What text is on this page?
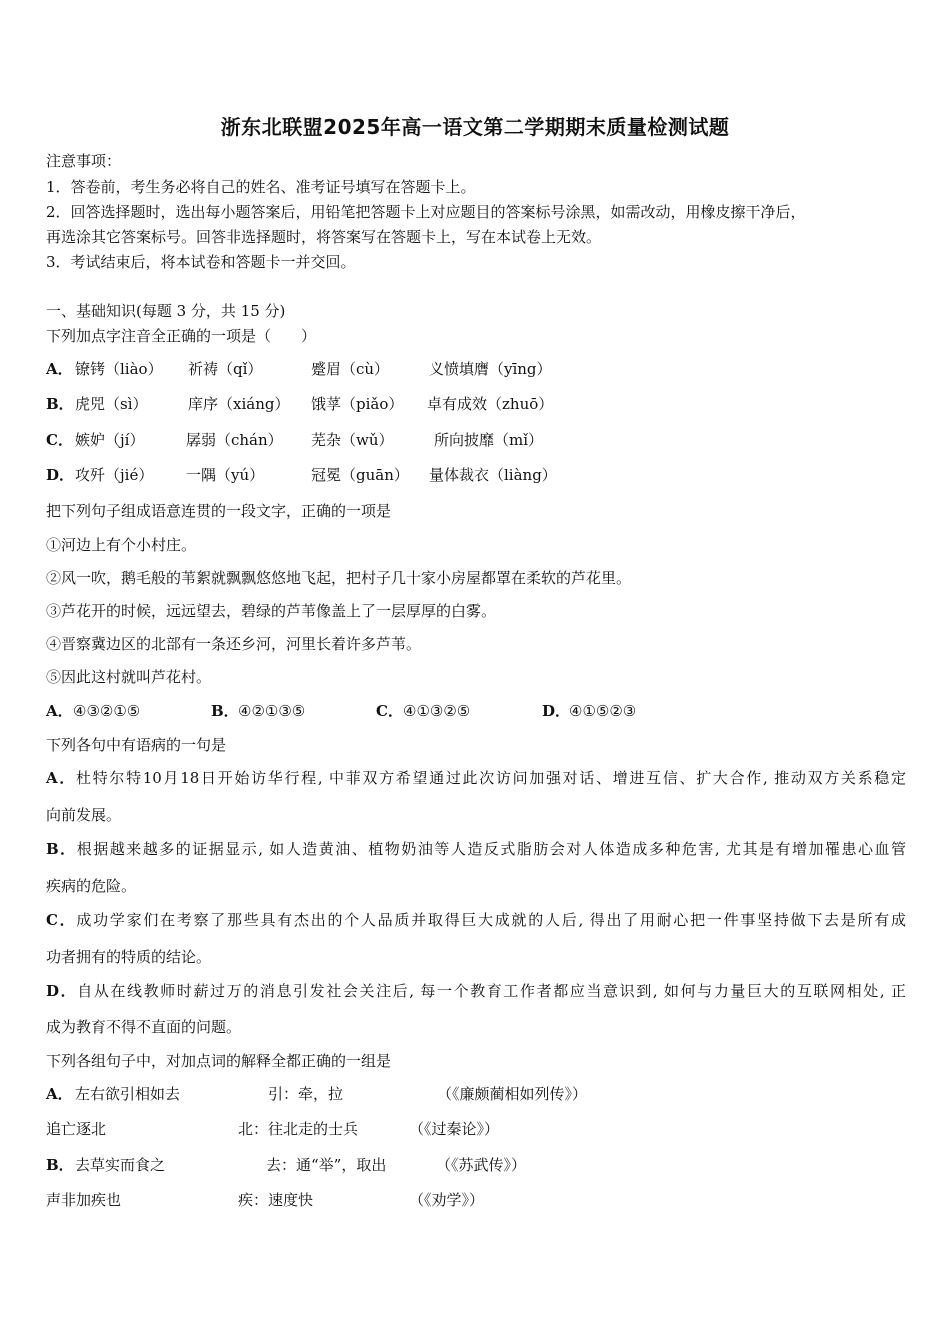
浙东北联盟2025年高一语文第二学期期末质量检测试题
注意事项：
1．答卷前，考生务必将自己的姓名、准考证号填写在答题卡上。
2．回答选择题时，选出每小题答案后，用铅笔把答题卡上对应题目的答案标号涂黑，如需改动，用橡皮擦干净后，
再选涂其它答案标号。回答非选择题时，将答案写在答题卡上，写在本试卷上无效。
3．考试结束后，将本试卷和答题卡一并交回。
一、基础知识(每题 3 分，共 15 分)
下列加点字注音全正确的一项是（　　）
A． 镣铐（liào） 祈祷（qǐ）	蹙眉（cù）	义愤填膺（yīng）
B． 虎兕（sì）	庠序（xiáng） 饿莩（piǎo） 卓有成效（zhuō）
C． 嫉妒（jí）	孱弱（chán） 芜杂（wǔ）	所向披靡（mǐ）
D． 攻歼（jié） 一隅（yú）	冠冕（guān） 量体裁衣（liàng）
把下列句子组成语意连贯的一段文字，正确的一项是
①河边上有个小村庄。
②风一吹，鹅毛般的苇絮就飘飘悠悠地飞起，把村子几十家小房屋都罩在柔软的芦花里。
③芦花开的时候，远远望去，碧绿的芦苇像盖上了一层厚厚的白雾。
④晋察冀边区的北部有一条还乡河，河里长着许多芦苇。
⑤因此这村就叫芦花村。
A． ④③②①⑤	B． ④②①③⑤	C． ④①③②⑤	D．
④①⑤②③
下列各句中有语病的一句是
A．杜特尔特10月18日开始访华行程, 中菲双方希望通过此次访问加强对话、增进互信、扩大合作, 推动双方关系稳定
向前发展。
B．根据越来越多的证据显示, 如人造黄油、植物奶油等人造反式脂肪会对人体造成多种危害, 尤其是有增加罹患心血管
疾病的危险。
C．成功学家们在考察了那些具有杰出的个人品质并取得巨大成就的人后, 得出了用耐心把一件事坚持做下去是所有成
功者拥有的特质的结论。
D．自从在线教师时薪过万的消息引发社会关注后, 每一个教育工作者都应当意识到, 如何与力量巨大的互联网相处, 正
成为教育不得不直面的问题。
下列各组句子中，对加点词的解释全都正确的一组是
A． 左右欲引相如去	引：牵，拉	（《廉颇蔺相如列传》）
追亡逐北	北：往北走的士兵	（《过秦论》）
B． 去草实而食之	去：通“举”，取出	（《苏武传》）
声非加疾也	疾：速度快	（《劝学》）
